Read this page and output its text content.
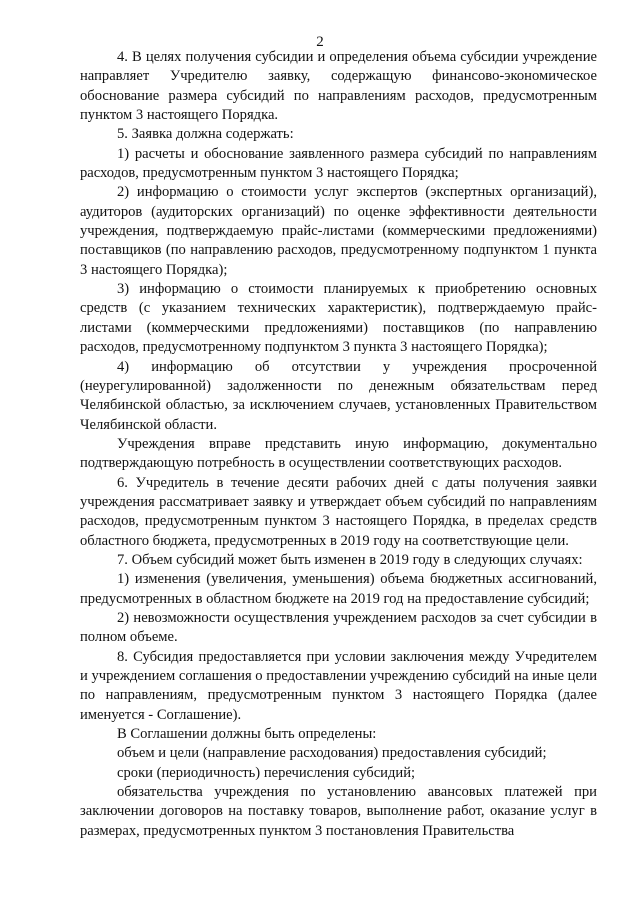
2

4. В целях получения субсидии и определения объема субсидии учреждение направляет Учредителю заявку, содержащую финансово-экономическое обоснование размера субсидий по направлениям расходов, предусмотренным пунктом 3 настоящего Порядка.

5. Заявка должна содержать:

1) расчеты и обоснование заявленного размера субсидий по направлениям расходов, предусмотренным пунктом 3 настоящего Порядка;

2) информацию о стоимости услуг экспертов (экспертных организаций), аудиторов (аудиторских организаций) по оценке эффективности деятельности учреждения, подтверждаемую прайс-листами (коммерческими предложениями) поставщиков (по направлению расходов, предусмотренному подпунктом 1 пункта 3 настоящего Порядка);

3) информацию о стоимости планируемых к приобретению основных средств (с указанием технических характеристик), подтверждаемую прайс-листами (коммерческими предложениями) поставщиков (по направлению расходов, предусмотренному подпунктом 3 пункта 3 настоящего Порядка);

4) информацию об отсутствии у учреждения просроченной (неурегулированной) задолженности по денежным обязательствам перед Челябинской областью, за исключением случаев, установленных Правительством Челябинской области.

Учреждения вправе представить иную информацию, документально подтверждающую потребность в осуществлении соответствующих расходов.

6. Учредитель в течение десяти рабочих дней с даты получения заявки учреждения рассматривает заявку и утверждает объем субсидий по направлениям расходов, предусмотренным пунктом 3 настоящего Порядка, в пределах средств областного бюджета, предусмотренных в 2019 году на соответствующие цели.

7. Объем субсидий может быть изменен в 2019 году в следующих случаях:

1) изменения (увеличения, уменьшения) объема бюджетных ассигнований, предусмотренных в областном бюджете на 2019 год на предоставление субсидий;

2) невозможности осуществления учреждением расходов за счет субсидии в полном объеме.

8. Субсидия предоставляется при условии заключения между Учредителем и учреждением соглашения о предоставлении учреждению субсидий на иные цели по направлениям, предусмотренным пунктом 3 настоящего Порядка (далее именуется - Соглашение).

В Соглашении должны быть определены:

объем и цели (направление расходования) предоставления субсидий;

сроки (периодичность) перечисления субсидий;

обязательства учреждения по установлению авансовых платежей при заключении договоров на поставку товаров, выполнение работ, оказание услуг в размерах, предусмотренных пунктом 3 постановления Правительства
